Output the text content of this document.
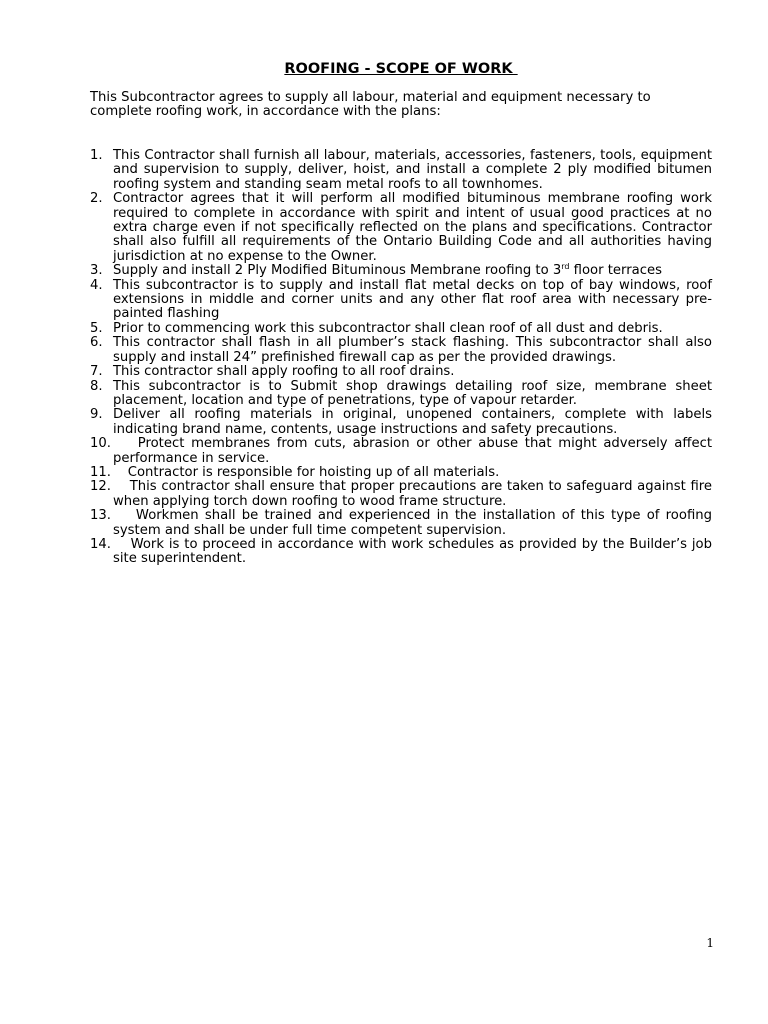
ROOFING - SCOPE OF WORK

This Subcontractor agrees to supply all labour, material and equipment necessary to complete roofing work, in accordance with the plans:

1. This Contractor shall furnish all labour, materials, accessories, fasteners, tools, equipment and supervision to supply, deliver, hoist, and install a complete 2 ply modified bitumen roofing system and standing seam metal roofs to all townhomes.
2. Contractor agrees that it will perform all modified bituminous membrane roofing work required to complete in accordance with spirit and intent of usual good practices at no extra charge even if not specifically reflected on the plans and specifications. Contractor shall also fulfill all requirements of the Ontario Building Code and all authorities having jurisdiction at no expense to the Owner.
3. Supply and install 2 Ply Modified Bituminous Membrane roofing to 3rd floor terraces
4. This subcontractor is to supply and install flat metal decks on top of bay windows, roof extensions in middle and corner units and any other flat roof area with necessary pre-painted flashing
5. Prior to commencing work this subcontractor shall clean roof of all dust and debris.
6. This contractor shall flash in all plumber’s stack flashing. This subcontractor shall also supply and install 24” prefinished firewall cap as per the provided drawings.
7. This contractor shall apply roofing to all roof drains.
8. This subcontractor is to Submit shop drawings detailing roof size, membrane sheet placement, location and type of penetrations, type of vapour retarder.
9. Deliver all roofing materials in original, unopened containers, complete with labels indicating brand name, contents, usage instructions and safety precautions.
10. Protect membranes from cuts, abrasion or other abuse that might adversely affect performance in service.
11. Contractor is responsible for hoisting up of all materials.
12. This contractor shall ensure that proper precautions are taken to safeguard against fire when applying torch down roofing to wood frame structure.
13. Workmen shall be trained and experienced in the installation of this type of roofing system and shall be under full time competent supervision.
14. Work is to proceed in accordance with work schedules as provided by the Builder’s job site superintendent.
1
